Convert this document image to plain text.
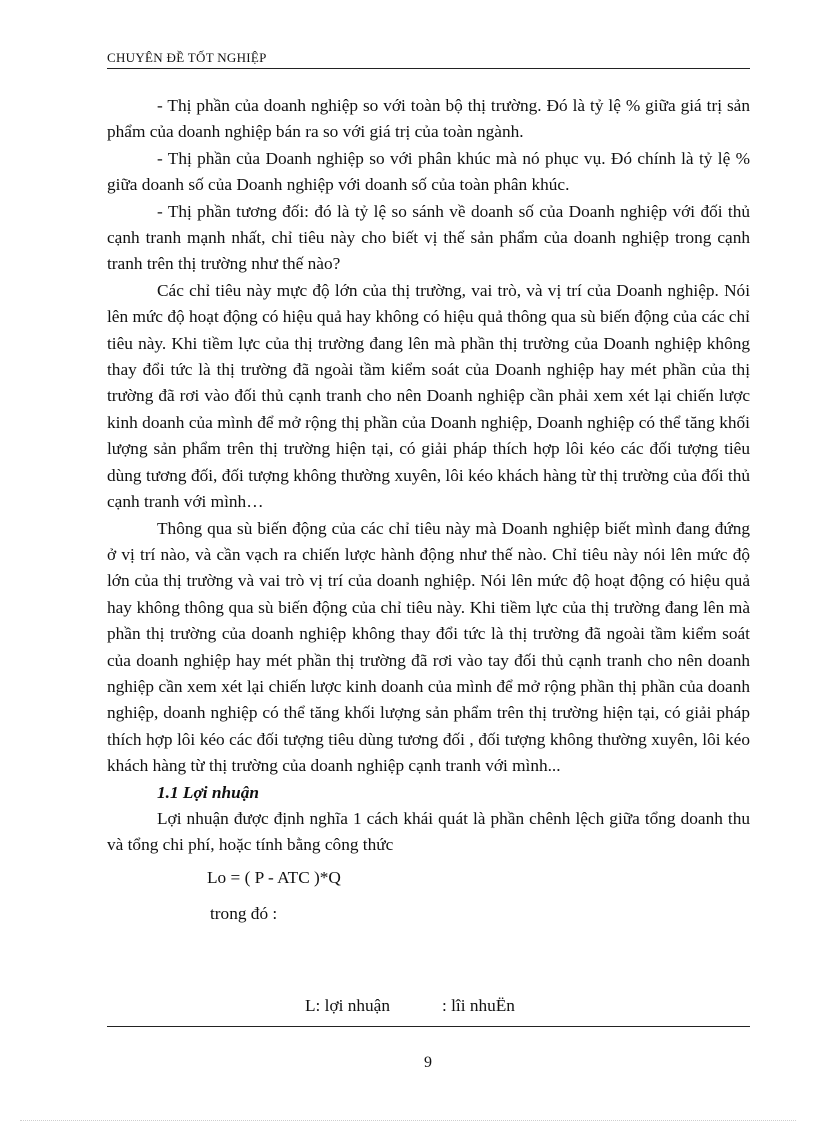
CHUYÊN ĐỀ TỐT NGHIỆP

- Thị phần của doanh nghiệp so với toàn bộ thị trường. Đó là tỷ lệ % giữa giá trị sản phẩm của doanh nghiệp bán ra so với giá trị của toàn ngành.

- Thị phần của Doanh nghiệp so với phân khúc mà nó phục vụ. Đó chính là tỷ lệ % giữa doanh số của Doanh nghiệp với doanh số của toàn phân khúc.

- Thị phần tương đối: đó là tỷ lệ so sánh về doanh số của Doanh nghiệp với đối thủ cạnh tranh mạnh nhất, chỉ tiêu này cho biết vị thế sản phẩm của doanh nghiệp trong cạnh tranh trên thị trường như thế nào?

Các chỉ tiêu này mực độ lớn của thị trường, vai trò, và vị trí của Doanh nghiệp. Nói lên mức độ hoạt động có hiệu quả hay không có hiệu quả thông qua sù biến động của các chỉ tiêu này. Khi tiềm lực của thị trường đang lên mà phần thị trường của Doanh nghiệp không thay đổi tức là thị trường đã ngoài tầm kiểm soát của Doanh nghiệp hay mét phần của thị trường đã rơi vào đối thủ cạnh tranh cho nên Doanh nghiệp cần phải xem xét lại chiến lược kinh doanh của mình để mở rộng thị phần của Doanh nghiệp, Doanh nghiệp có thể tăng khối lượng sản phẩm trên thị trường hiện tại, có giải pháp thích hợp lôi kéo các đối tượng tiêu dùng tương đối, đối tượng không thường xuyên, lôi kéo khách hàng từ thị trường của đối thủ cạnh tranh với mình…

Thông qua sù biến động của các chỉ tiêu này mà Doanh nghiệp biết mình đang đứng ở vị trí nào, và cần vạch ra chiến lược hành động như thế nào. Chỉ tiêu này nói lên mức độ lớn của thị trường và vai trò vị trí của doanh nghiệp. Nói lên mức độ hoạt động có hiệu quả hay không thông qua sù biến động của chỉ tiêu này. Khi tiềm lực của thị trường đang lên mà phần thị trường của doanh nghiệp không thay đổi tức là thị trường đã ngoài tầm kiểm soát của doanh nghiệp hay mét phần thị trường đã rơi vào tay đối thủ cạnh tranh cho nên doanh nghiệp cần xem xét lại chiến lược kinh doanh của mình để mở rộng phần thị phần của doanh nghiệp, doanh nghiệp có thể tăng khối lượng sản phẩm trên thị trường hiện tại, có giải pháp thích hợp lôi kéo các đối tượng tiêu dùng tương đối , đối tượng không thường xuyên, lôi kéo khách hàng từ thị trường của doanh nghiệp cạnh tranh với mình...

1.1 Lợi nhuận

Lợi nhuận được định nghĩa 1 cách khái quát là phần chênh lệch giữa tổng doanh thu và tổng chi phí, hoặc tính bằng công thức

Lo = ( P - ATC )*Q

trong đó :

L: lợi nhuận	: lîi nhuËn
9
